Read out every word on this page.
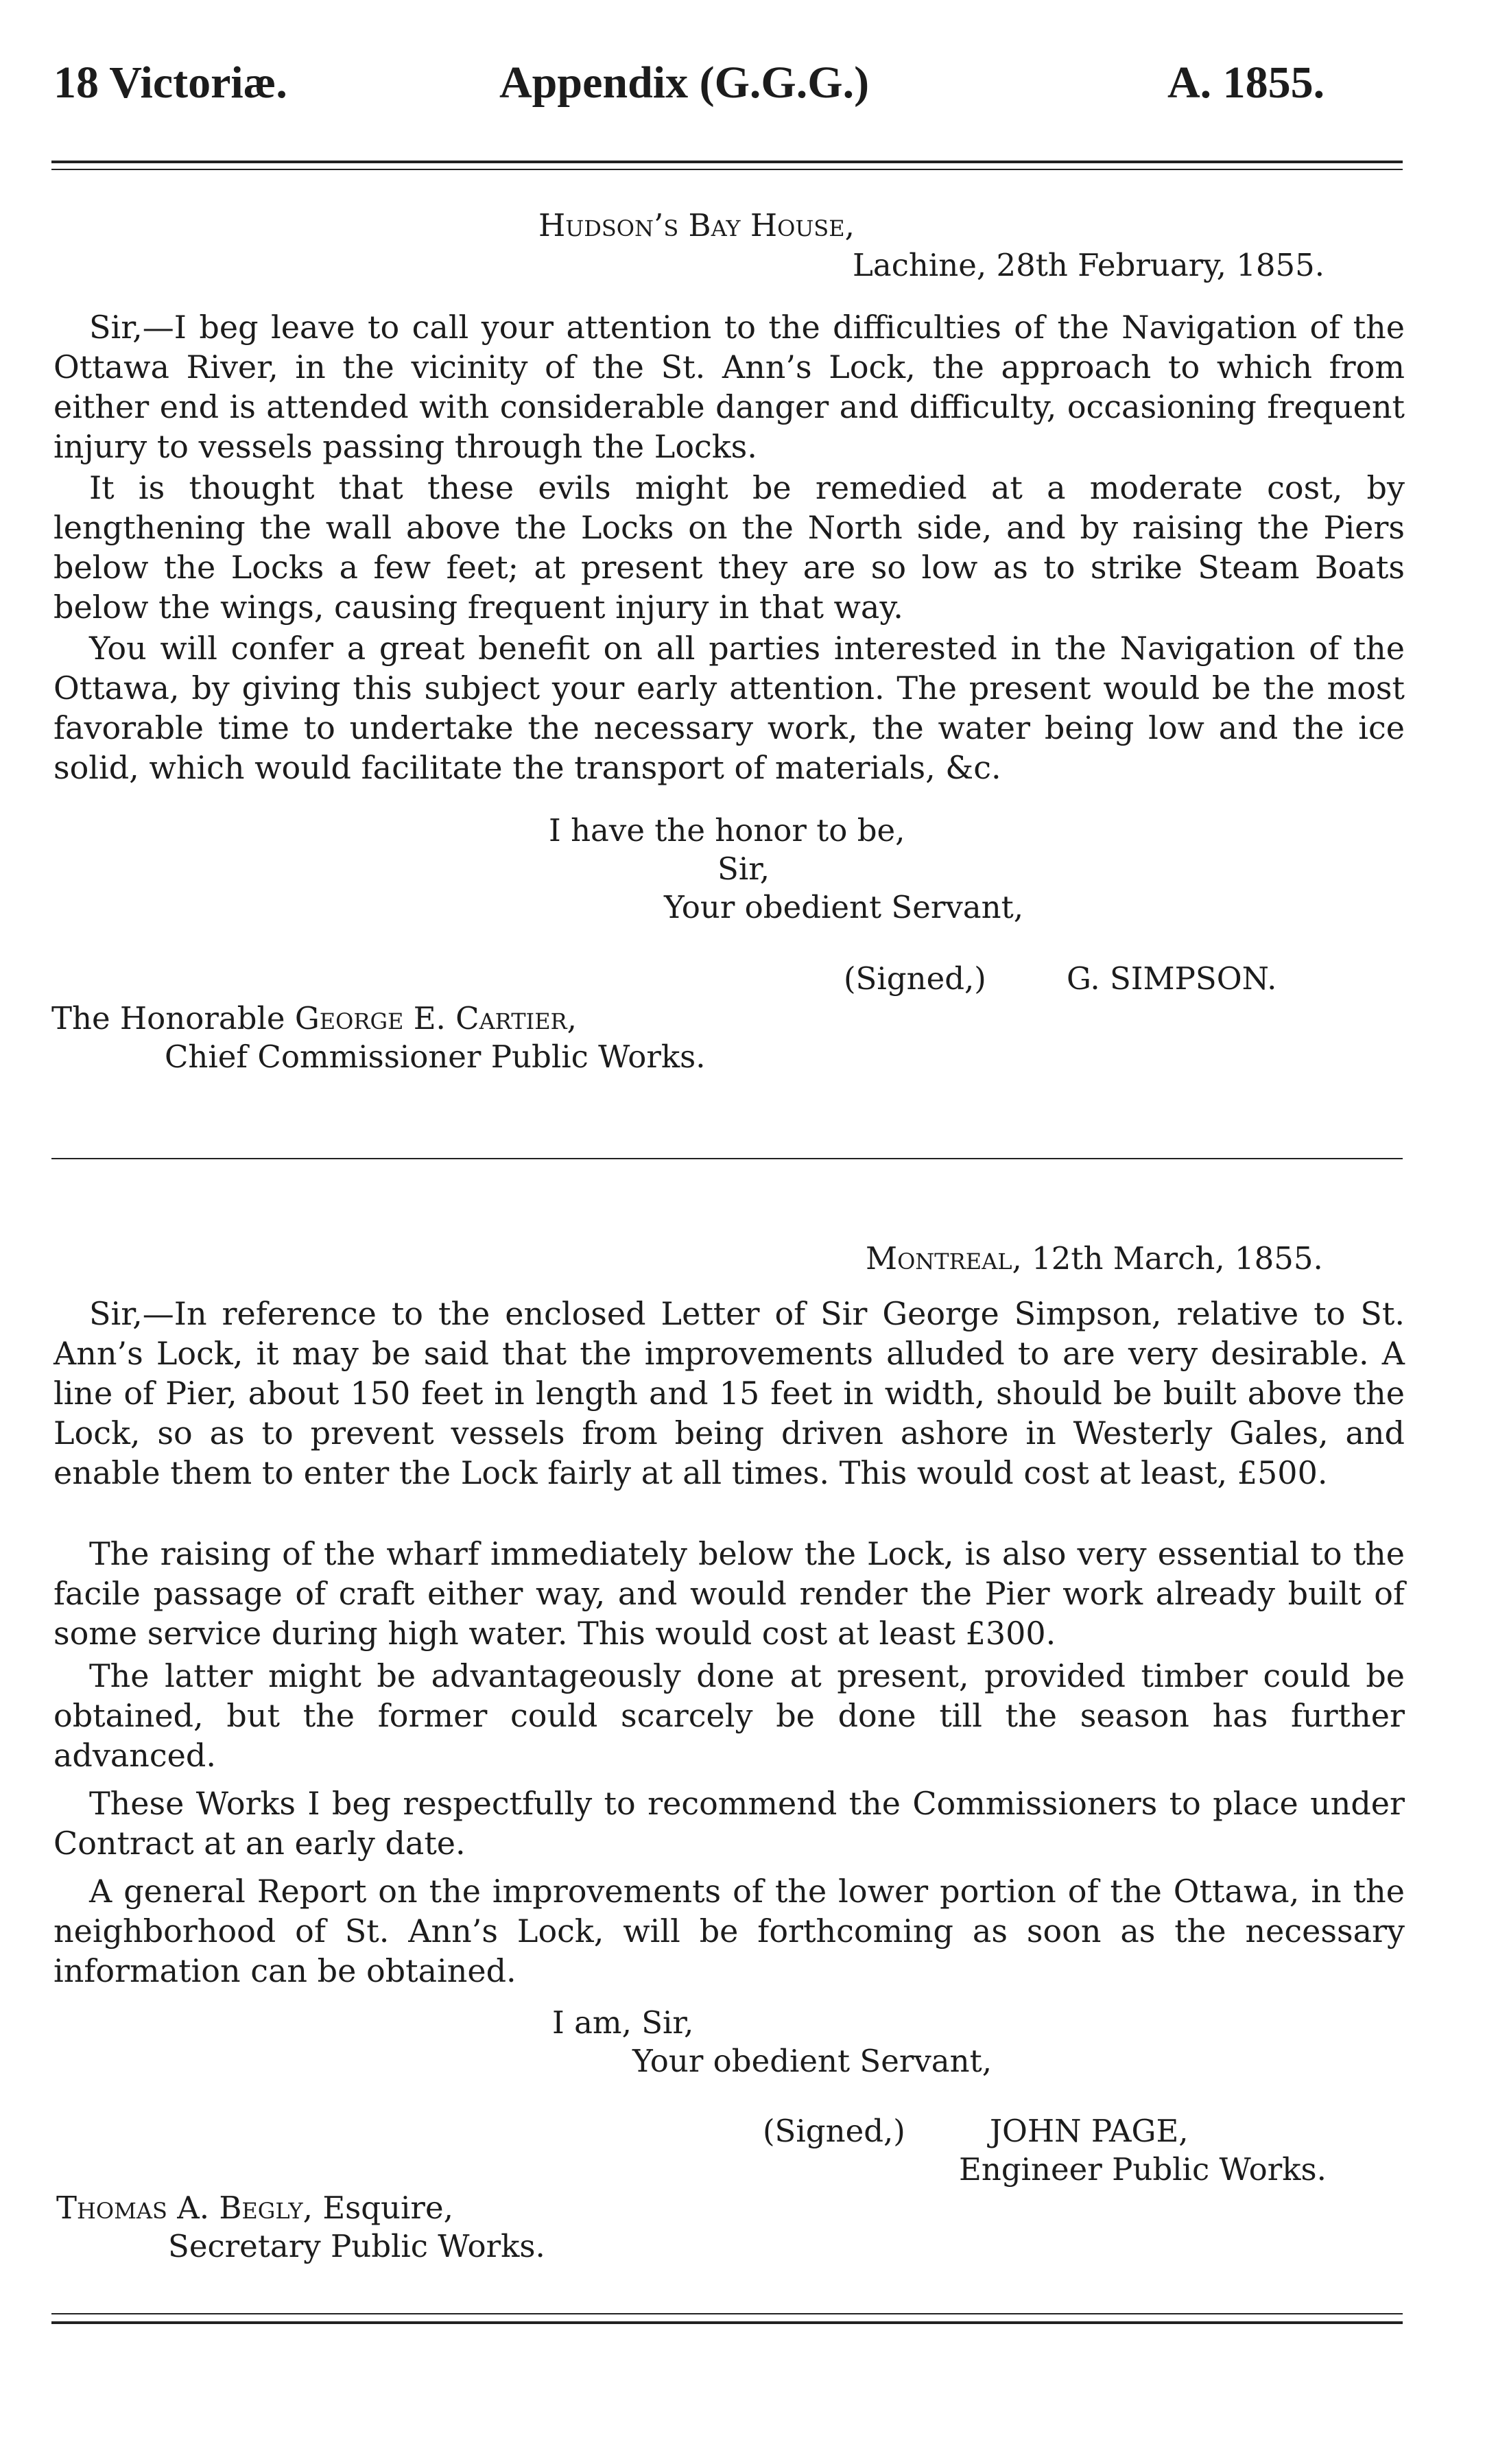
18 Victoriæ.	Appendix (G.G.G.)	A. 1855.
Hudson’s Bay House,
Lachine, 28th February, 1855.
Sir,—I beg leave to call your attention to the difficulties of the Navigation of the Ottawa River, in the vicinity of the St. Ann’s Lock, the approach to which from either end is attended with considerable danger and difficulty, occasioning frequent injury to vessels passing through the Locks.
It is thought that these evils might be remedied at a moderate cost, by lengthening the wall above the Locks on the North side, and by raising the Piers below the Locks a few feet; at present they are so low as to strike Steam Boats below the wings, causing frequent injury in that way.
You will confer a great benefit on all parties interested in the Navigation of the Ottawa, by giving this subject your early attention. The present would be the most favorable time to undertake the necessary work, the water being low and the ice solid, which would facilitate the transport of materials, &c.
I have the honor to be,
Sir,
Your obedient Servant,
(Signed,)	G. SIMPSON.
The Honorable George E. Cartier,
Chief Commissioner Public Works.
Montreal, 12th March, 1855.
Sir,—In reference to the enclosed Letter of Sir George Simpson, relative to St. Ann’s Lock, it may be said that the improvements alluded to are very desirable. A line of Pier, about 150 feet in length and 15 feet in width, should be built above the Lock, so as to prevent vessels from being driven ashore in Westerly Gales, and enable them to enter the Lock fairly at all times. This would cost at least, £500.
The raising of the wharf immediately below the Lock, is also very essential to the facile passage of craft either way, and would render the Pier work already built of some service during high water. This would cost at least £300.
The latter might be advantageously done at present, provided timber could be obtained, but the former could scarcely be done till the season has further advanced.
These Works I beg respectfully to recommend the Commissioners to place under Contract at an early date.
A general Report on the improvements of the lower portion of the Ottawa, in the neighborhood of St. Ann’s Lock, will be forthcoming as soon as the necessary information can be obtained.
I am, Sir,
Your obedient Servant,
(Signed,)	JOHN PAGE,
Engineer Public Works.
Thomas A. Begly, Esquire,
Secretary Public Works.
